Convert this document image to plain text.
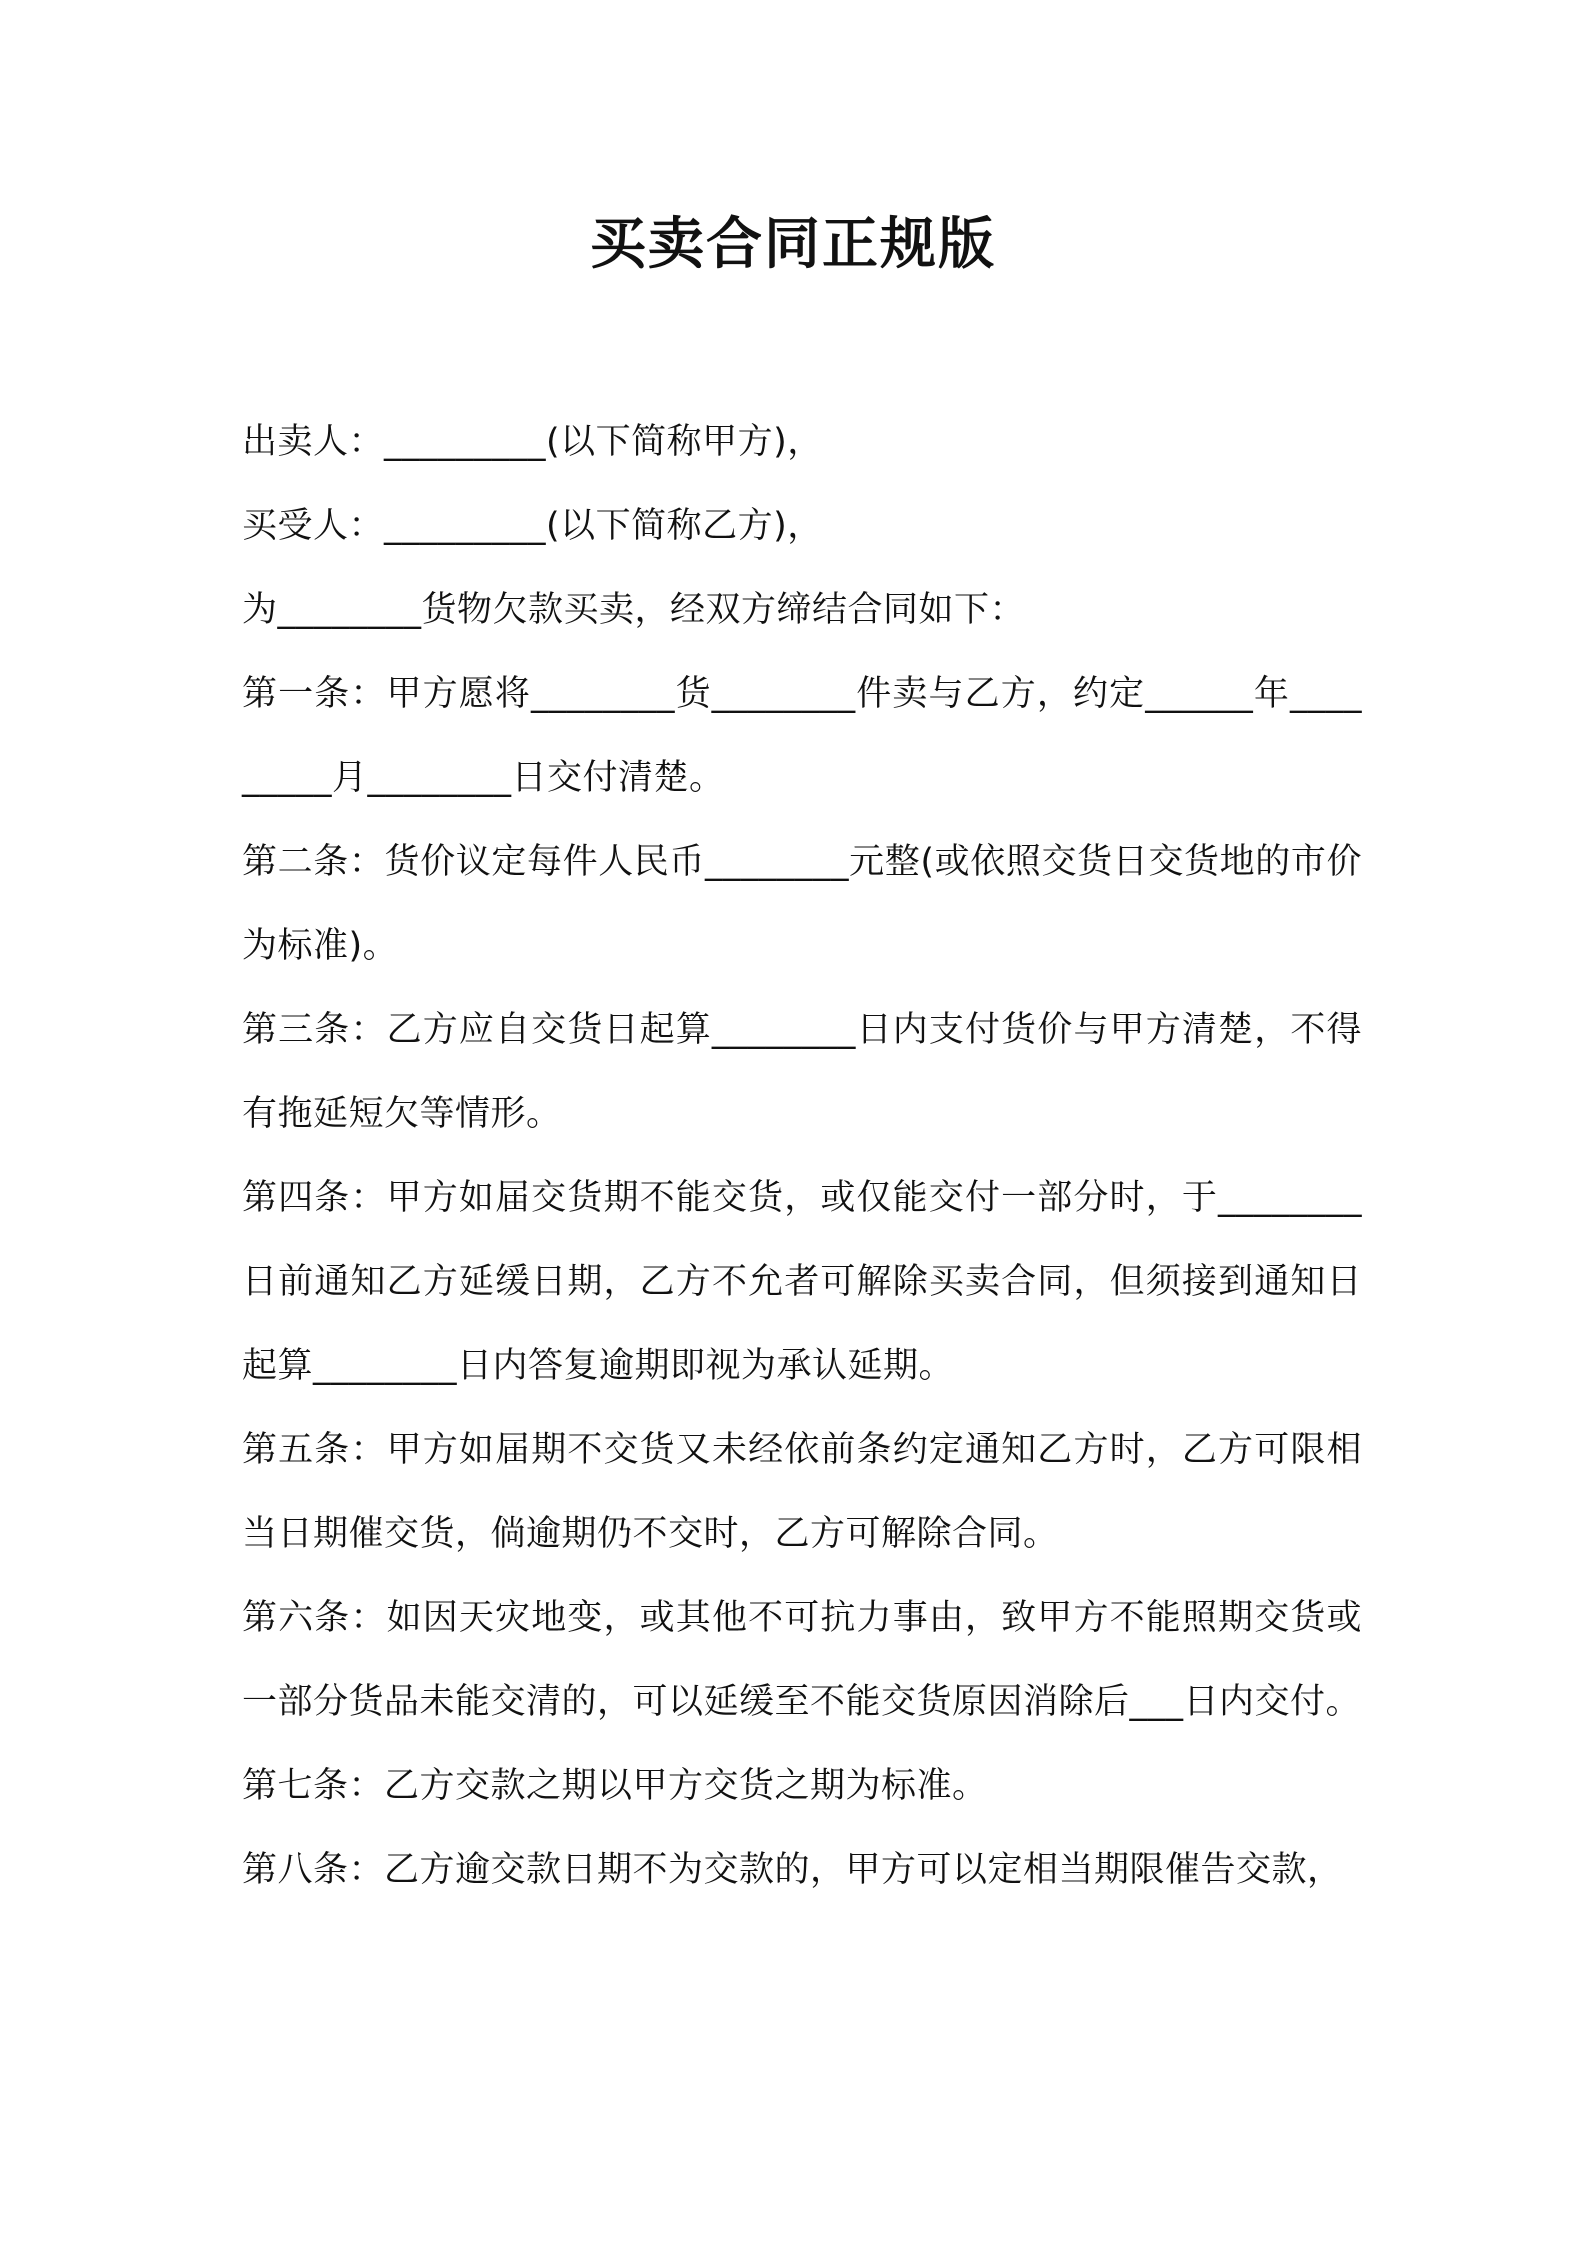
买卖合同正规版

出卖人：_________(以下简称甲方)，

买受人：_________(以下简称乙方)，

为________货物欠款买卖，经双方缔结合同如下：

第一条：甲方愿将________货________件卖与乙方，约定______年_________月________日交付清楚。

第二条：货价议定每件人民币________元整(或依照交货日交货地的市价为标准)。

第三条：乙方应自交货日起算________日内支付货价与甲方清楚，不得有拖延短欠等情形。

第四条：甲方如届交货期不能交货，或仅能交付一部分时，于________日前通知乙方延缓日期，乙方不允者可解除买卖合同，但须接到通知日起算________日内答复逾期即视为承认延期。

第五条：甲方如届期不交货又未经依前条约定通知乙方时，乙方可限相当日期催交货，倘逾期仍不交时，乙方可解除合同。

第六条：如因天灾地变，或其他不可抗力事由，致甲方不能照期交货或一部分货品未能交清的，可以延缓至不能交货原因消除后___日内交付。

第七条：乙方交款之期以甲方交货之期为标准。

第八条：乙方逾交款日期不为交款的，甲方可以定相当期限催告交款，
